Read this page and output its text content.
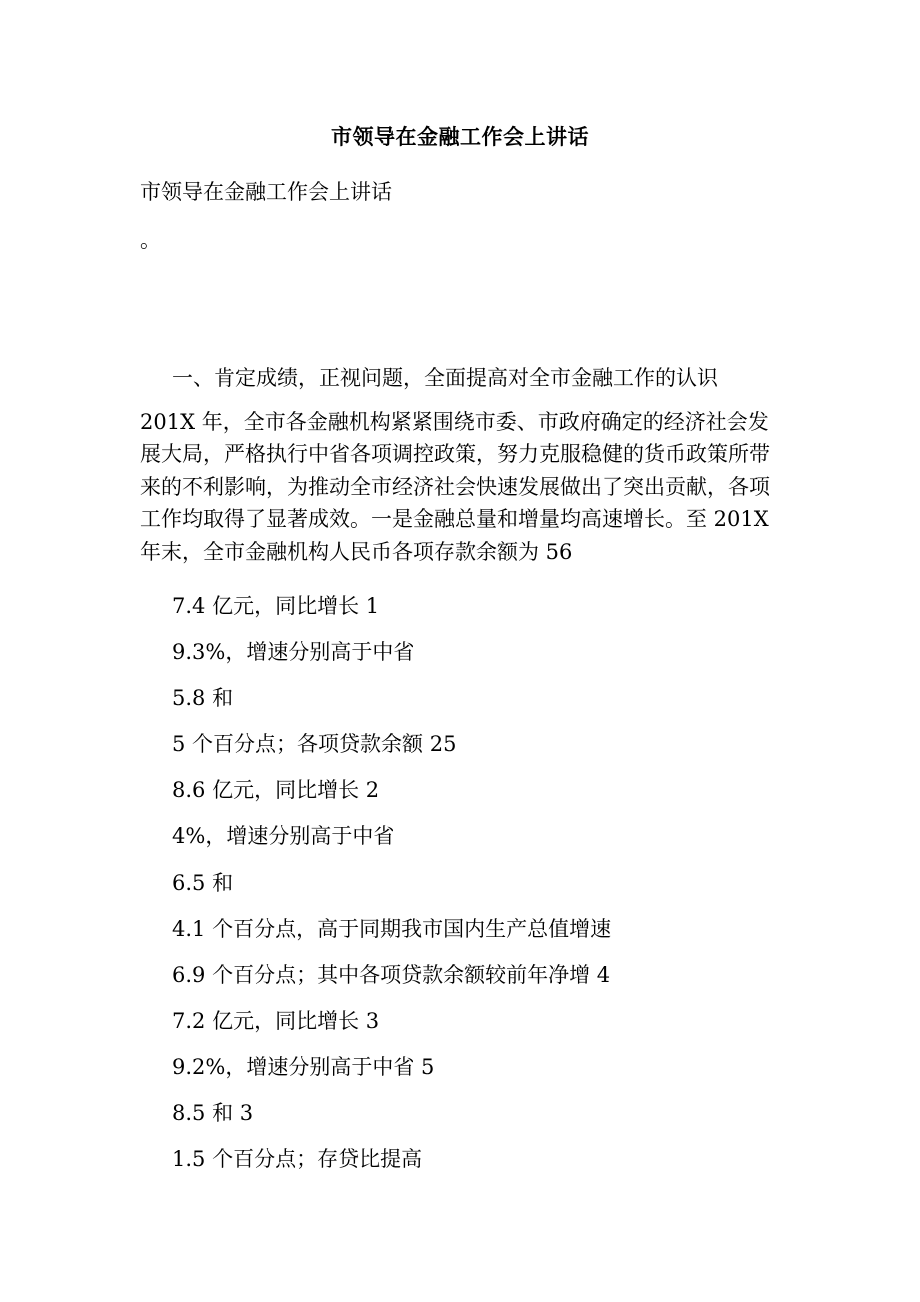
市领导在金融工作会上讲话
市领导在金融工作会上讲话
。
一、肯定成绩，正视问题，全面提高对全市金融工作的认识
201X 年，全市各金融机构紧紧围绕市委、市政府确定的经济社会发
展大局，严格执行中省各项调控政策，努力克服稳健的货币政策所带
来的不利影响，为推动全市经济社会快速发展做出了突出贡献，各项
工作均取得了显著成效。一是金融总量和增量均高速增长。至 201X
年末，全市金融机构人民币各项存款余额为 56
7.4 亿元，同比增长 1
9.3%，增速分别高于中省
5.8 和
5 个百分点；各项贷款余额 25
8.6 亿元，同比增长 2
4%，增速分别高于中省
6.5 和
4.1 个百分点，高于同期我市国内生产总值增速
6.9 个百分点；其中各项贷款余额较前年净增 4
7.2 亿元，同比增长 3
9.2%，增速分别高于中省 5
8.5 和 3
1.5 个百分点；存贷比提高
